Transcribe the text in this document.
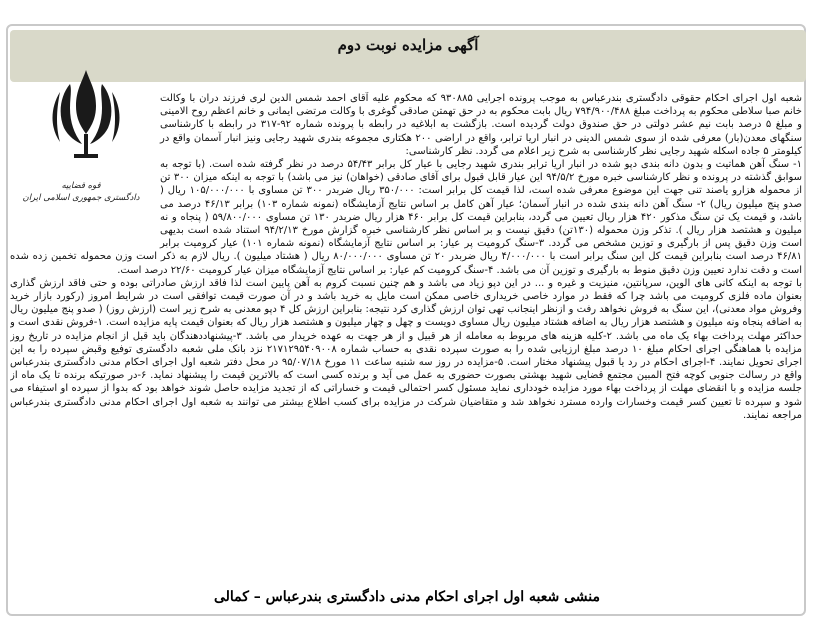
آگهی مزایده نوبت دوم
قوه قضاییه
دادگستری جمهوری اسلامی ایران

شعبه اول اجرای احکام حقوقی دادگستری بندرعباس به موجب پرونده اجرایی ۹۳۰۸۸۵ که محکوم علیه آقای احمد شمس الدین لری فرزند دران با وکالت خانم صبا سلاطی محکوم به پرداخت مبلغ ۷۹۴/۹۰۰/۴۸۸ ریال بابت محکوم به در حق تهمتن صادقی گوغری با وکالت مرتضی ایمانی و خانم اعظم روح الامینی و مبلغ ۵ درصد بابت نیم عشر دولتی در حق صندوق دولت گردیده است. بازگشت به ابلاغیه در رابطه با پرونده شماره ۹۲-۳۱۷ در رابطه با کارشناسی سنگهای معدن(بار) معرفی شده از سوی شمس الدینی در انبار اریا ترابر، واقع در اراضی ۲۰۰ هکتاری مجموعه بندری شهید رجایی ونیز انبار آسمان واقع در کیلومتر ۵ جاده اسکله شهید رجایی نظر کارشناسی به شرح زیر اعلام می گردد. نظر کارشناسی:

۱- سنگ آهن هماتیت و بدون دانه بندی دپو شده در انبار اریا ترابر بندری شهید رجایی با عیار کل برابر ۵۴/۴۳ درصد در نظر گرفته شده است. (با توجه به سوابق گذشته در پرونده و نظر کارشناسی خبره مورخ ۹۴/۵/۲ این عیار قابل قبول برای آقای صادقی (خواهان) نیز می باشد) با توجه به اینکه میزان ۳۰۰ تن از محموله هزارو یاصند تنی جهت این موضوع معرفی شده است، لذا قیمت کل برابر است: ۳۵۰/۰۰۰ ریال ضربدر ۳۰۰ تن مساوی با ۱۰۵/۰۰۰/۰۰۰ ریال ( صدو پنج میلیون ریال) ۲- سنگ آهن دانه بندی شده در انبار آسمان؛ عیار آهن کامل بر اساس نتایج آزمایشگاه (نمونه شماره ۱۰۳) برابر ۴۶/۱۳ درصد می باشد، و قیمت یک تن سنگ مذکور ۴۲۰ هزار ریال تعیین می گردد، بنابراین قیمت کل برابر ۴۶۰ هزار ریال ضربدر ۱۳۰ تن مساوی ۵۹/۸۰۰/۰۰۰ ( پنجاه و نه میلیون و هشتصد هزار ریال ). تذکر وزن محموله (۱۳۰تن) دقیق نیست و بر اساس نظر کارشناسی خبره گزارش مورخ ۹۴/۲/۱۳ استناد شده است بدیهی است وزن دقیق پس از بارگیری و توزین مشخص می گردد. ۳-سنگ کرومیت پر عیار: بر اساس نتایج آزمایشگاه (نمونه شماره ۱۰۱) عیار کرومیت برابر ۴۶/۸۱ درصد است بنابراین قیمت کل این سنگ برابر است با ۴/۰۰۰/۰۰۰ ریال ضربدر ۲۰ تن مساوی ۸۰/۰۰۰/۰۰۰ ریال ( هشتاد میلیون ). ریال لازم به ذکر است وزن محموله تخمین زده شده است و دقت ندارد تعیین وزن دقیق منوط به بارگیری و توزین آن می باشد. ۴-سنگ کرومیت کم عیار: بر اساس نتایج آزمایشگاه میزان عیار کرومیت ۲۲/۶۰ درصد است.

با توجه به اینکه کانی های الوین، سرپانتین، منیزیت و غیره و ... در این دپو زیاد می باشد و هم چنین نسبت کروم به آهن پایین است لذا فاقد ارزش صادراتی بوده و حتی فاقد ارزش گذاری بعنوان ماده فلزی کرومیت می باشد چرا که فقط در موارد خاصی خریداری خاصی ممکن است مایل به خرید باشد و در آن صورت قیمت توافقی است در شرایط امروز (رکورد بازار خرید وفروش مواد معدنی)، این سنگ به فروش نخواهد رفت و ازنظر اینجانب تهی توان ارزش گذاری کرد نتیجه: بنابراین ارزش کل ۴ دپو معدنی به شرح زیر است (ارزش روز) ( صدو پنج میلیون ریال به اضافه پنجاه ونه میلیون و هشتصد هزار ریال به اضافه هشتاد میلیون ریال مساوی دویست و چهل و چهار میلیون و هشتصد هزار ریال که بعنوان قیمت پایه مزایده است. ۱-فروش نقدی است و حداکثر مهلت پرداخت بهاء یک ماه می باشد. ۲-کلیه هزینه های مربوط به معامله از هر قبیل و از هر جهت به عهده خریدار می باشد. ۳-پیشنهاددهندگان باید قبل از انجام مزایده در تاریخ روز مزایده با هماهنگی اجرای احکام مبلغ ۱۰ درصد مبلغ ارزیابی شده را به صورت سپرده نقدی به حساب شماره ۲۱۷۱۲۹۵۴۰۹۰۰۸ نزد بانک ملی شعبه دادگستری توفیع وقبض سپرده را به این اجرای تحویل نمایند. ۴-اجرای احکام در رد یا قبول پیشنهاد مختار است. ۵-مزایده در روز سه شنبه ساعت ۱۱ مورخ ۹۵/۰۷/۱۸ در محل دفتر شعبه اول اجرای احکام مدنی دادگستری بندرعباس واقع در رسالت جنوبی کوچه فتح المبین مجتمع قضایی شهید بهشتی بصورت حضوری به عمل می آید و برنده کسی است که بالاترین قیمت را پیشنهاد نماید. ۶-در صورتیکه برنده تا یک ماه از جلسه مزایده و با انقضای مهلت از پرداخت بهاء مورد مزایده خودداری نماید مسئول کسر احتمالی قیمت و خساراتی که از تجدید مزایده حاصل شوند خواهد بود که بدوا از سپرده او استیفاء می شود و سپرده تا تعیین کسر قیمت وخسارات وارده مسترد نخواهد شد و متقاضیان شرکت در مزایده برای کسب اطلاع بیشتر می توانند به شعبه اول اجرای احکام مدنی دادگستری بندرعباس مراجعه نمایند.

منشی شعبه اول اجرای احکام مدنی دادگستری بندرعباس – کمالی
